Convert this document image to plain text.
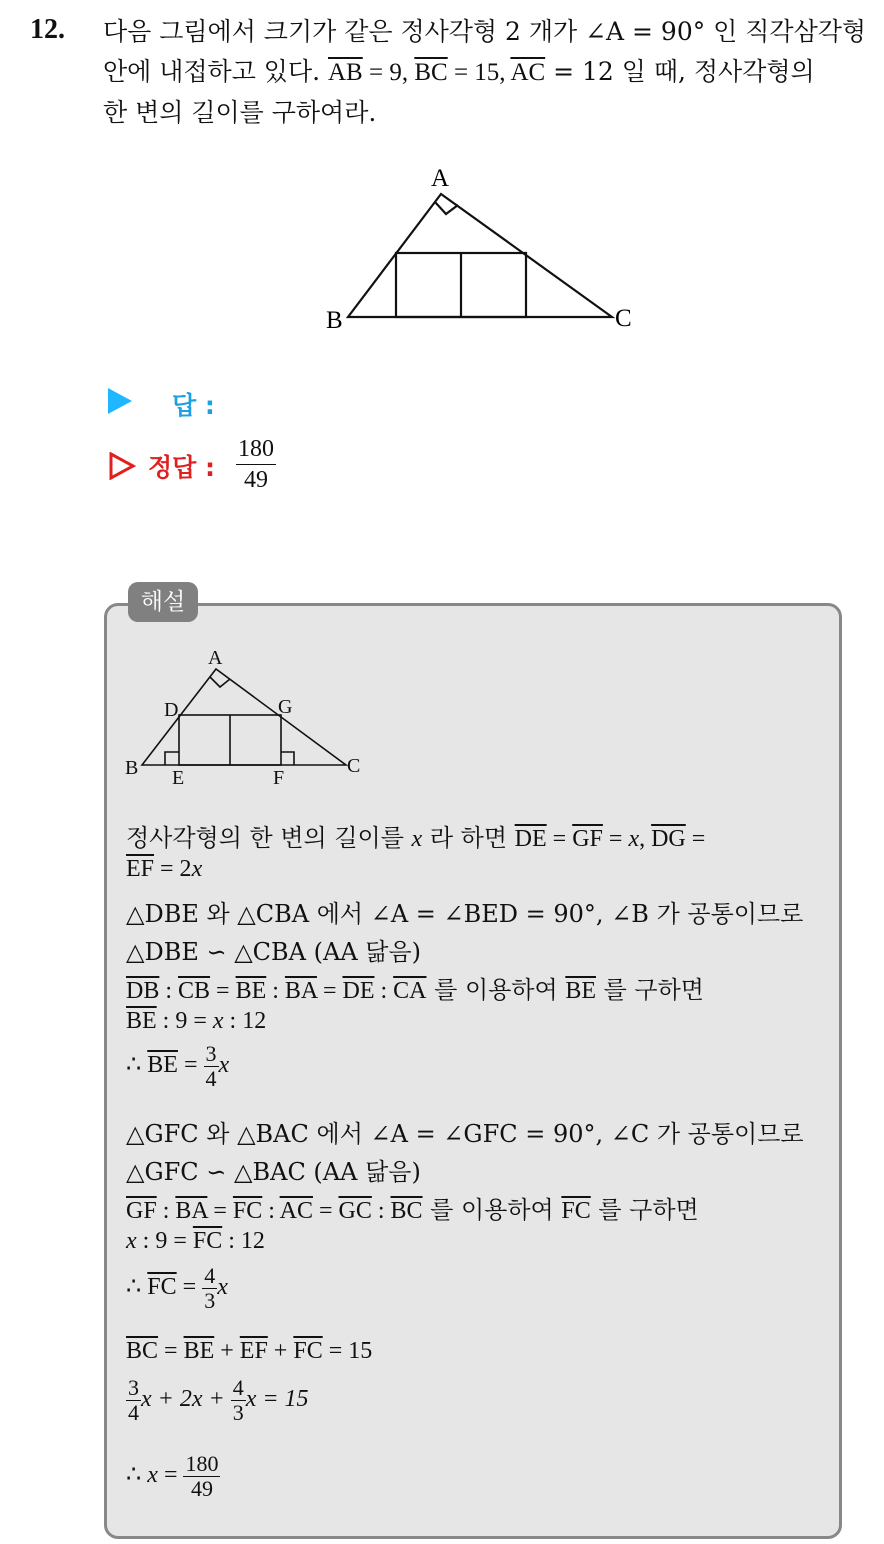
12. 다음 그림에서 크기가 같은 정사각형 2 개가 ∠A = 90° 인 직각삼각형
안에 내접하고 있다. $\overline{AB} = 9$, $\overline{BC} = 15$, $\overline{AC} = 12$ 일 때, 정사각형의
한 변의 길이를 구하여라.
A
B	C
답 :
정답 : $\frac{180}{49}$
해설
A
B	C
D
E	F
G
정사각형의 한 변의 길이를 x 라 하면 $\overline{DE} = \overline{GF} = x$, $\overline{DG}$ =
$\overline{EF} = 2x$
△DBE 와 △CBA 에서 ∠A = ∠BED = 90°, ∠B 가 공통이므로
△DBE ∽ △CBA (AA 닮음)
$\overline{DB}$ : $\overline{CB} = \overline{BE}$ : $\overline{BA} = \overline{DE}$ : $\overline{CA}$ 를 이용하여 $\overline{BE}$ 를 구하면
$\overline{BE}$ : 9 = x : 12
∴ $\overline{BE} = \frac{3}{4}$ x
△GFC 와 △BAC 에서 ∠A = ∠GFC = 90°, ∠C 가 공통이므로
△GFC ∽ △BAC (AA 닮음)
$\overline{GF}$ : $\overline{BA} = \overline{FC}$ : $\overline{AC} = \overline{GC}$ : $\overline{BC}$ 를 이용하여 $\overline{FC}$ 를 구하면
x : $9 = \overline{FC}$ : 12
∴ $\overline{FC} = \frac{4}{3}$ x
$\overline{BC} = \overline{BE} + \overline{EF} + \overline{FC} = 15$
$\frac{3}{4}$ $x + 2x + \frac{4}{3}$ x = 15
∴ $x = \frac{180}{49}$
